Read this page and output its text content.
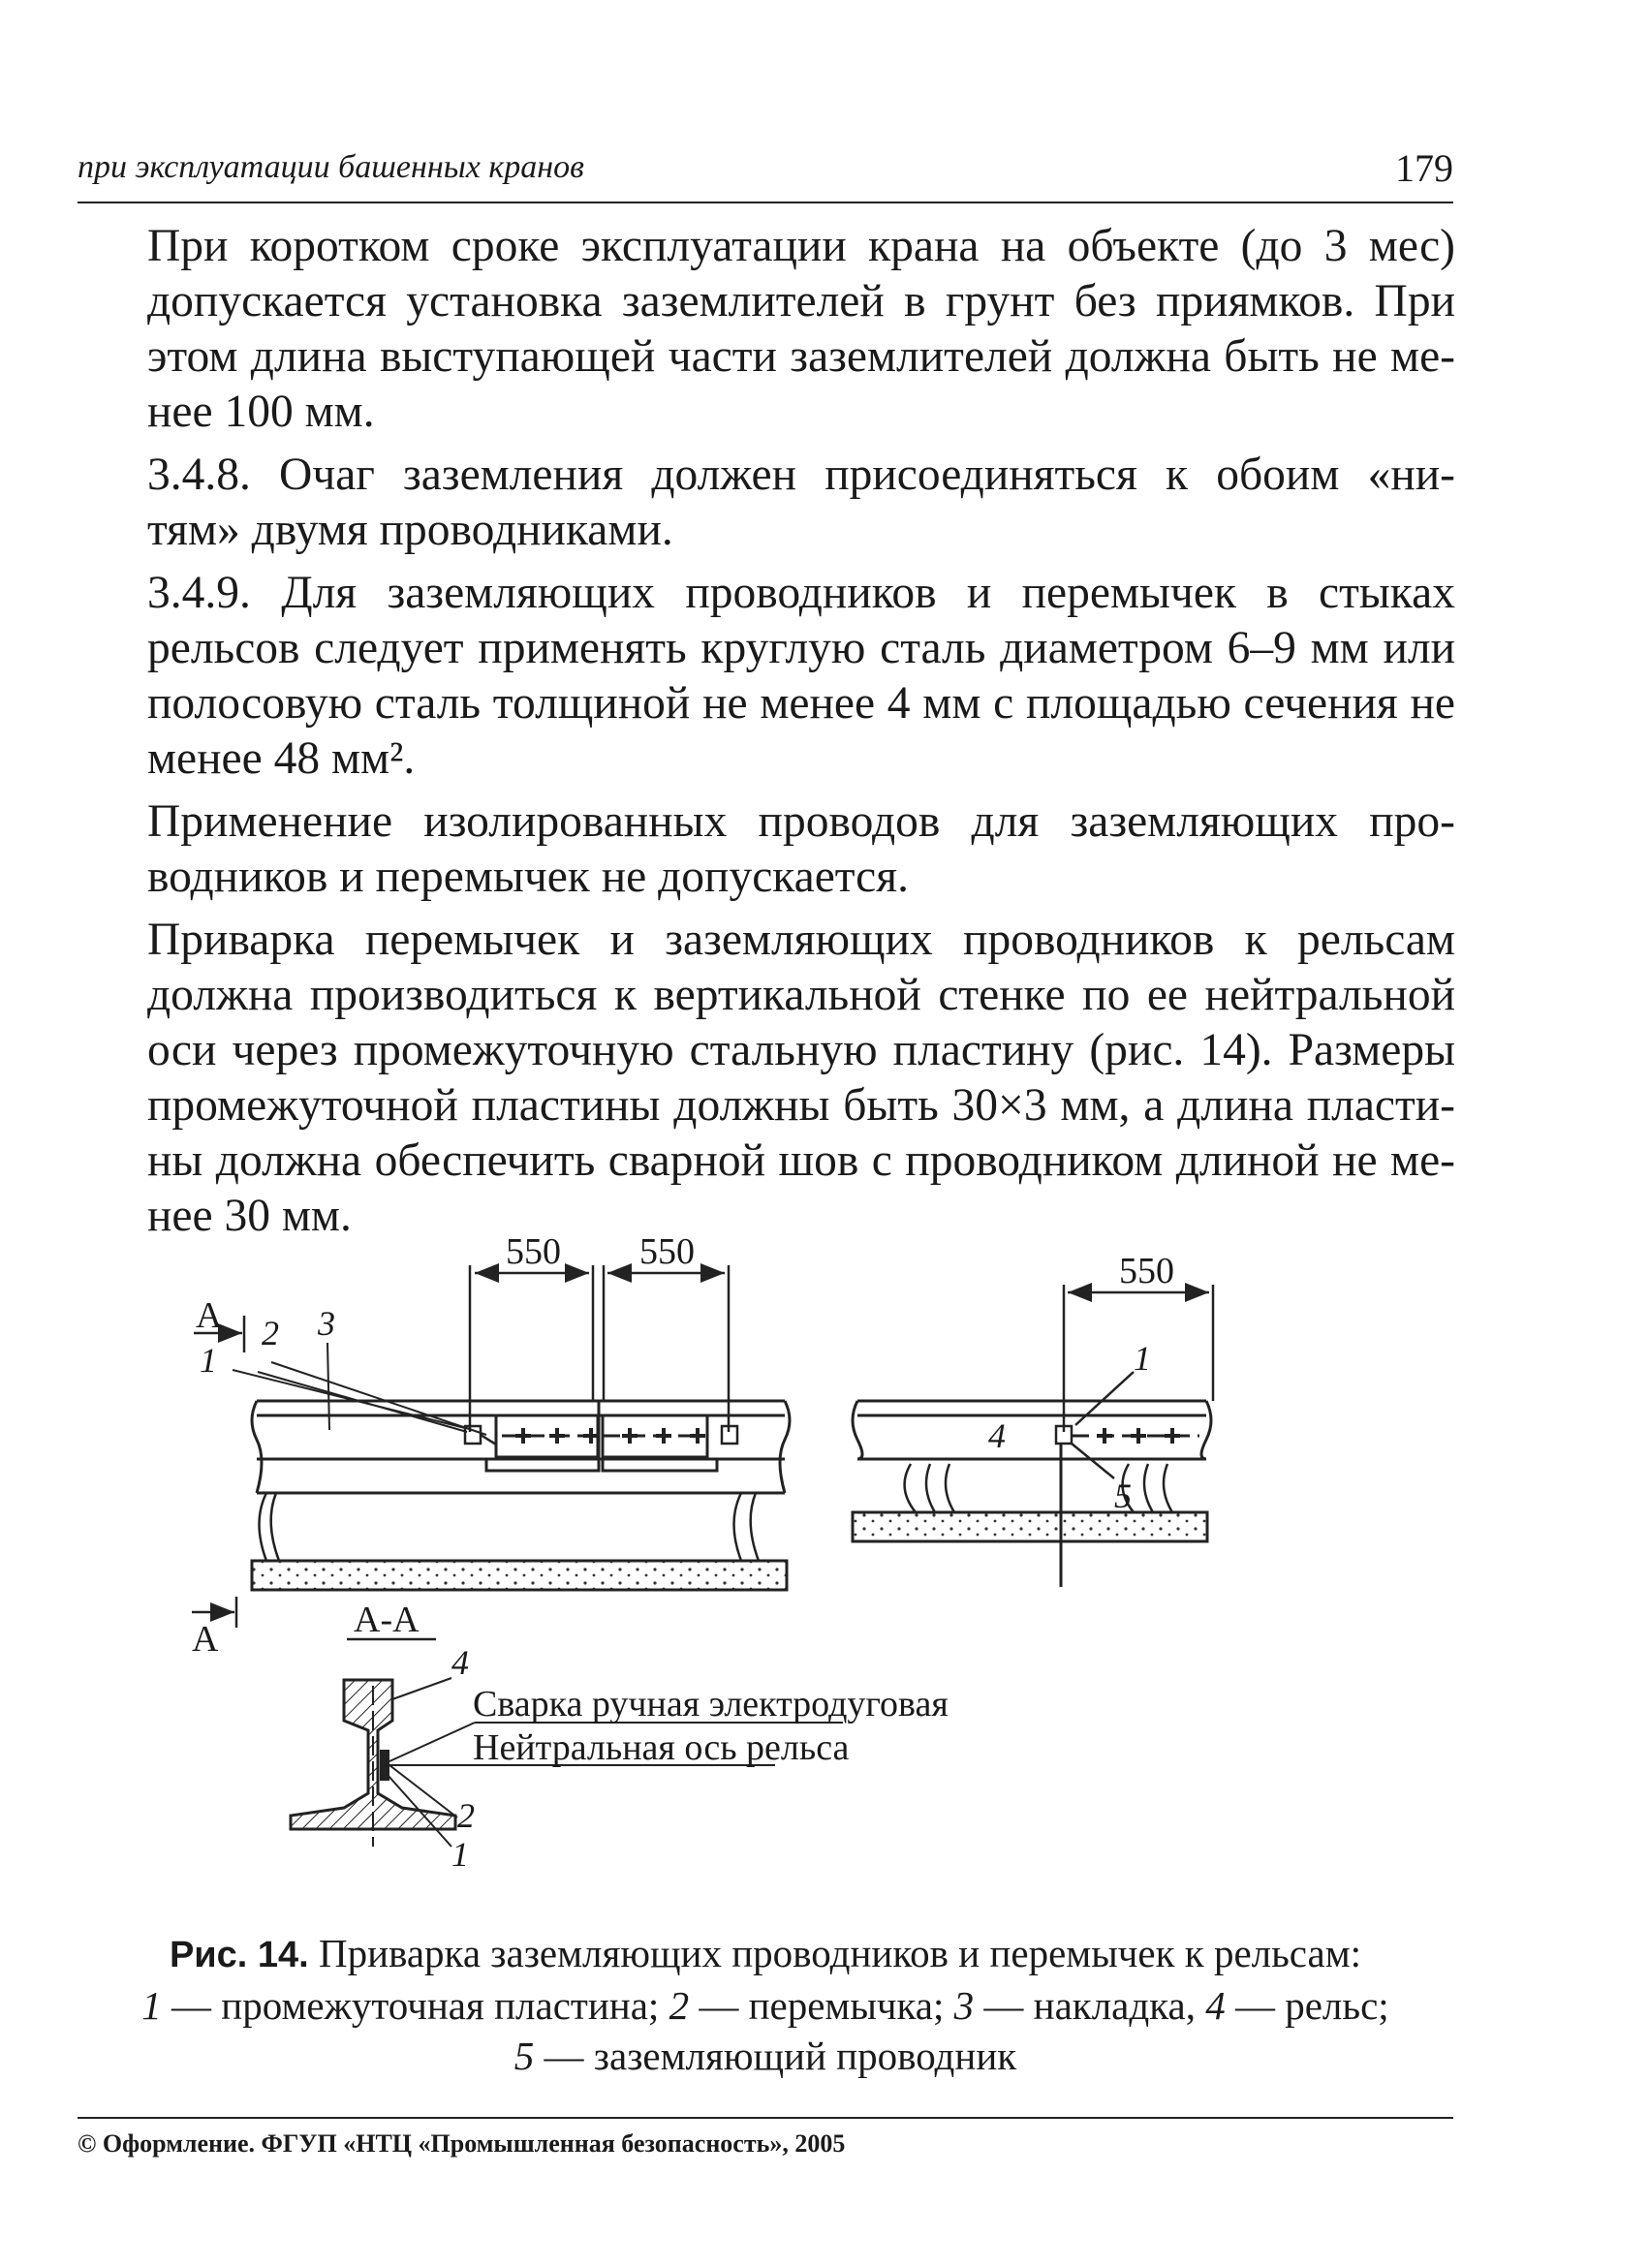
при эксплуатации башенных кранов	179

При коротком сроке эксплуатации крана на объекте (до 3 мес)
допускается установка заземлителей в грунт без приямков. При
этом длина выступающей части заземлителей должна быть не ме-
нее 100 мм.

3.4.8. Очаг заземления должен присоединяться к обоим «ни-
тям» двумя проводниками.

3.4.9. Для заземляющих проводников и перемычек в стыках
рельсов следует применять круглую сталь диаметром 6–9 мм или
полосовую сталь толщиной не менее 4 мм с площадью сечения не
менее 48 мм².

Применение изолированных проводов для заземляющих про-
водников и перемычек не допускается.

Приварка перемычек и заземляющих проводников к рельсам
должна производиться к вертикальной стенке по ее нейтральной
оси через промежуточную стальную пластину (рис. 14). Размеры
промежуточной пластины должны быть 30×3 мм, а длина пласти-
ны должна обеспечить сварной шов с проводником длиной не ме-
нее 30 мм.

550 550
А
1
2 3
550
1
4
5
А	А-А
4
2
1
Сварка ручная электродуговая
Нейтральная ось рельса
Рис. 14. Приварка заземляющих проводников и перемычек к рельсам:
1 — промежуточная пластина; 2 — перемычка; 3 — накладка, 4 — рельс;
5 — заземляющий проводник
© Оформление. ФГУП «НТЦ «Промышленная безопасность», 2005
